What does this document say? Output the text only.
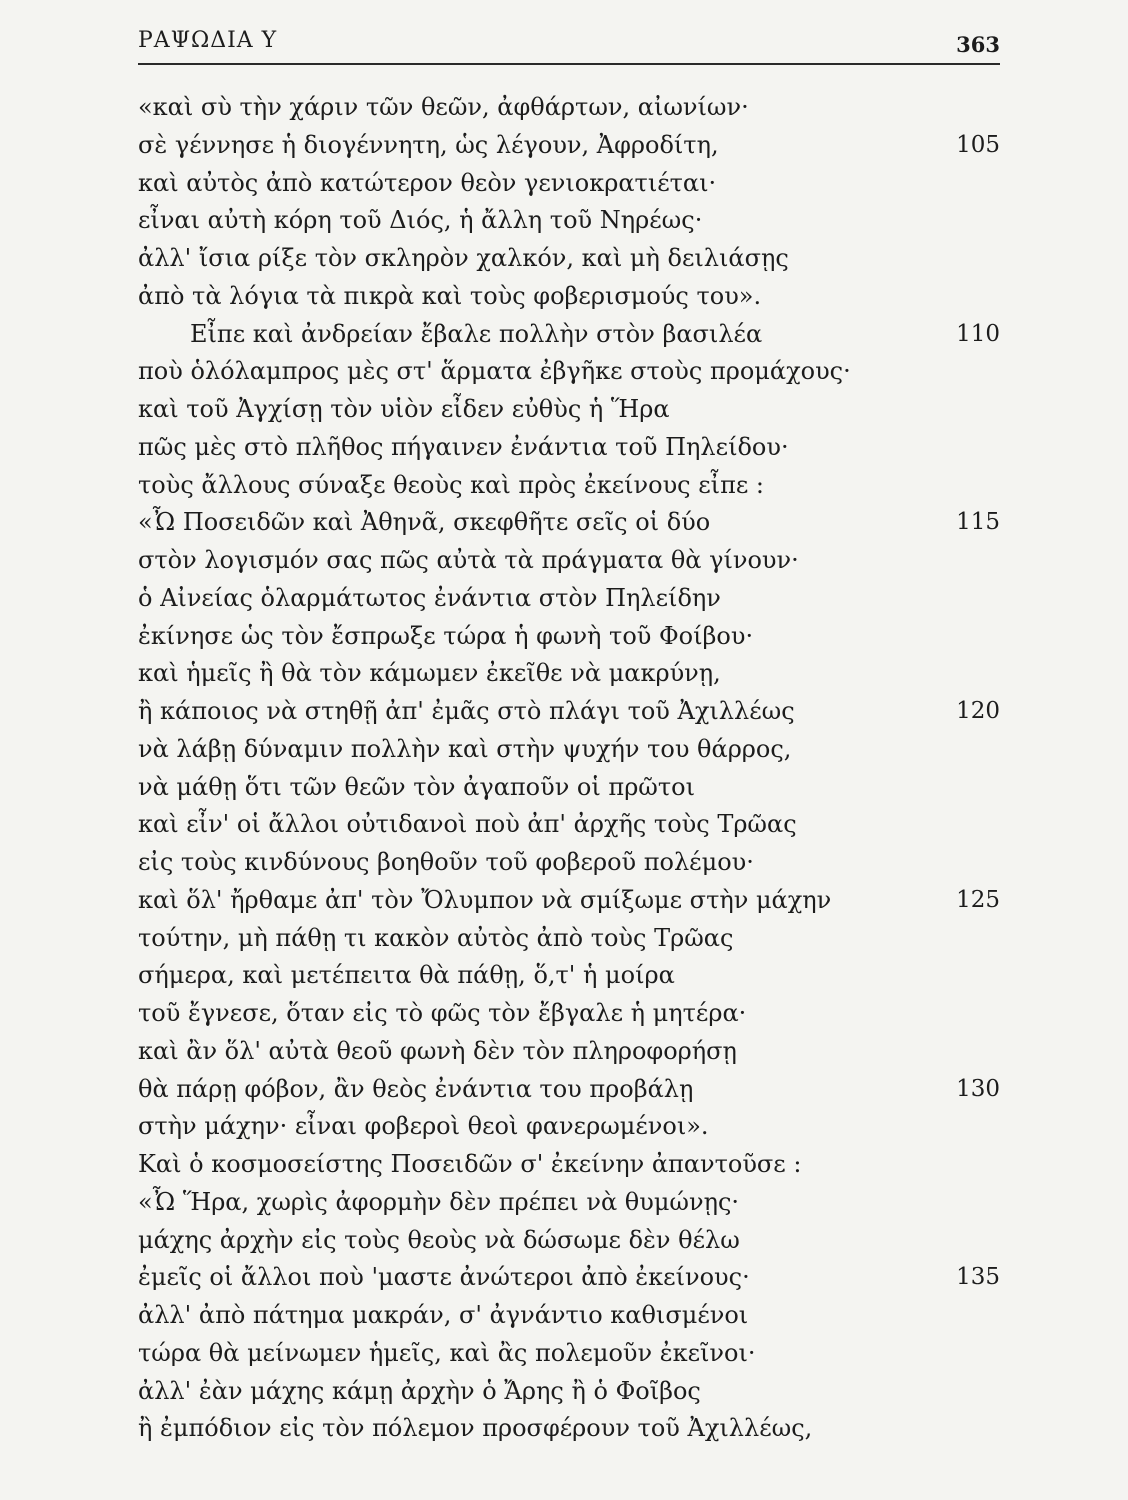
ΡΑΨΩΔΙΑ Υ	363
«καὶ σὺ τὴν χάριν τῶν θεῶν, ἀφθάρτων, αἰωνίων·
σὲ γέννησε ἡ διογέννητη, ὡς λέγουν, Ἀφροδίτη,	105
καὶ αὐτὸς ἀπὸ κατώτερον θεὸν γενιοκρατιέται·
εἶναι αὐτὴ κόρη τοῦ Διός, ἡ ἄλλη τοῦ Νηρέως·
ἀλλ' ἴσια ρίξε τὸν σκληρὸν χαλκόν, καὶ μὴ δειλιάσῃς
ἀπὸ τὰ λόγια τὰ πικρὰ καὶ τοὺς φοβερισμούς του».
Εἶπε καὶ ἀνδρείαν ἔβαλε πολλὴν στὸν βασιλέα	110
ποὺ ὁλόλαμπρος μὲς στ' ἅρματα ἐβγῆκε στοὺς προμάχους·
καὶ τοῦ Ἀγχίσῃ τὸν υἱὸν εἶδεν εὐθὺς ἡ Ἥρα
πῶς μὲς στὸ πλῆθος πήγαινεν ἐνάντια τοῦ Πηλείδου·
τοὺς ἄλλους σύναξε θεοὺς καὶ πρὸς ἐκείνους εἶπε :
«Ὦ Ποσειδῶν καὶ Ἀθηνᾶ, σκεφθῆτε σεῖς οἱ δύο	115
στὸν λογισμόν σας πῶς αὐτὰ τὰ πράγματα θὰ γίνουν·
ὁ Αἰνείας ὁλαρμάτωτος ἐνάντια στὸν Πηλείδην
ἐκίνησε ὡς τὸν ἔσπρωξε τώρα ἡ φωνὴ τοῦ Φοίβου·
καὶ ἡμεῖς ἢ θὰ τὸν κάμωμεν ἐκεῖθε νὰ μακρύνῃ,
ἢ κάποιος νὰ στηθῇ ἀπ' ἐμᾶς στὸ πλάγι τοῦ Ἀχιλλέως	120
νὰ λάβῃ δύναμιν πολλὴν καὶ στὴν ψυχήν του θάρρος,
νὰ μάθῃ ὅτι τῶν θεῶν τὸν ἀγαποῦν οἱ πρῶτοι
καὶ εἶν' οἱ ἄλλοι οὐτιδανοὶ ποὺ ἀπ' ἀρχῆς τοὺς Τρῶας
εἰς τοὺς κινδύνους βοηθοῦν τοῦ φοβεροῦ πολέμου·
καὶ ὅλ' ἤρθαμε ἀπ' τὸν Ὄλυμπον νὰ σμίξωμε στὴν μάχην	125
τούτην, μὴ πάθῃ τι κακὸν αὐτὸς ἀπὸ τοὺς Τρῶας
σήμερα, καὶ μετέπειτα θὰ πάθῃ, ὅ,τ' ἡ μοίρα
τοῦ ἔγνεσε, ὅταν εἰς τὸ φῶς τὸν ἔβγαλε ἡ μητέρα·
καὶ ἂν ὅλ' αὐτὰ θεοῦ φωνὴ δὲν τὸν πληροφορήσῃ
θὰ πάρῃ φόβον, ἂν θεὸς ἐνάντια του προβάλῃ	130
στὴν μάχην· εἶναι φοβεροὶ θεοὶ φανερωμένοι».
Καὶ ὁ κοσμοσείστης Ποσειδῶν σ' ἐκείνην ἀπαντοῦσε :
«Ὦ Ἥρα, χωρὶς ἀφορμὴν δὲν πρέπει νὰ θυμώνῃς·
μάχης ἀρχὴν εἰς τοὺς θεοὺς νὰ δώσωμε δὲν θέλω
ἐμεῖς οἱ ἄλλοι ποὺ 'μαστε ἀνώτεροι ἀπὸ ἐκείνους·	135
ἀλλ' ἀπὸ πάτημα μακράν, σ' ἀγνάντιο καθισμένοι
τώρα θὰ μείνωμεν ἡμεῖς, καὶ ἂς πολεμοῦν ἐκεῖνοι·
ἀλλ' ἐὰν μάχης κάμῃ ἀρχὴν ὁ Ἄρης ἢ ὁ Φοῖβος
ἢ ἐμπόδιον εἰς τὸν πόλεμον προσφέρουν τοῦ Ἀχιλλέως,
